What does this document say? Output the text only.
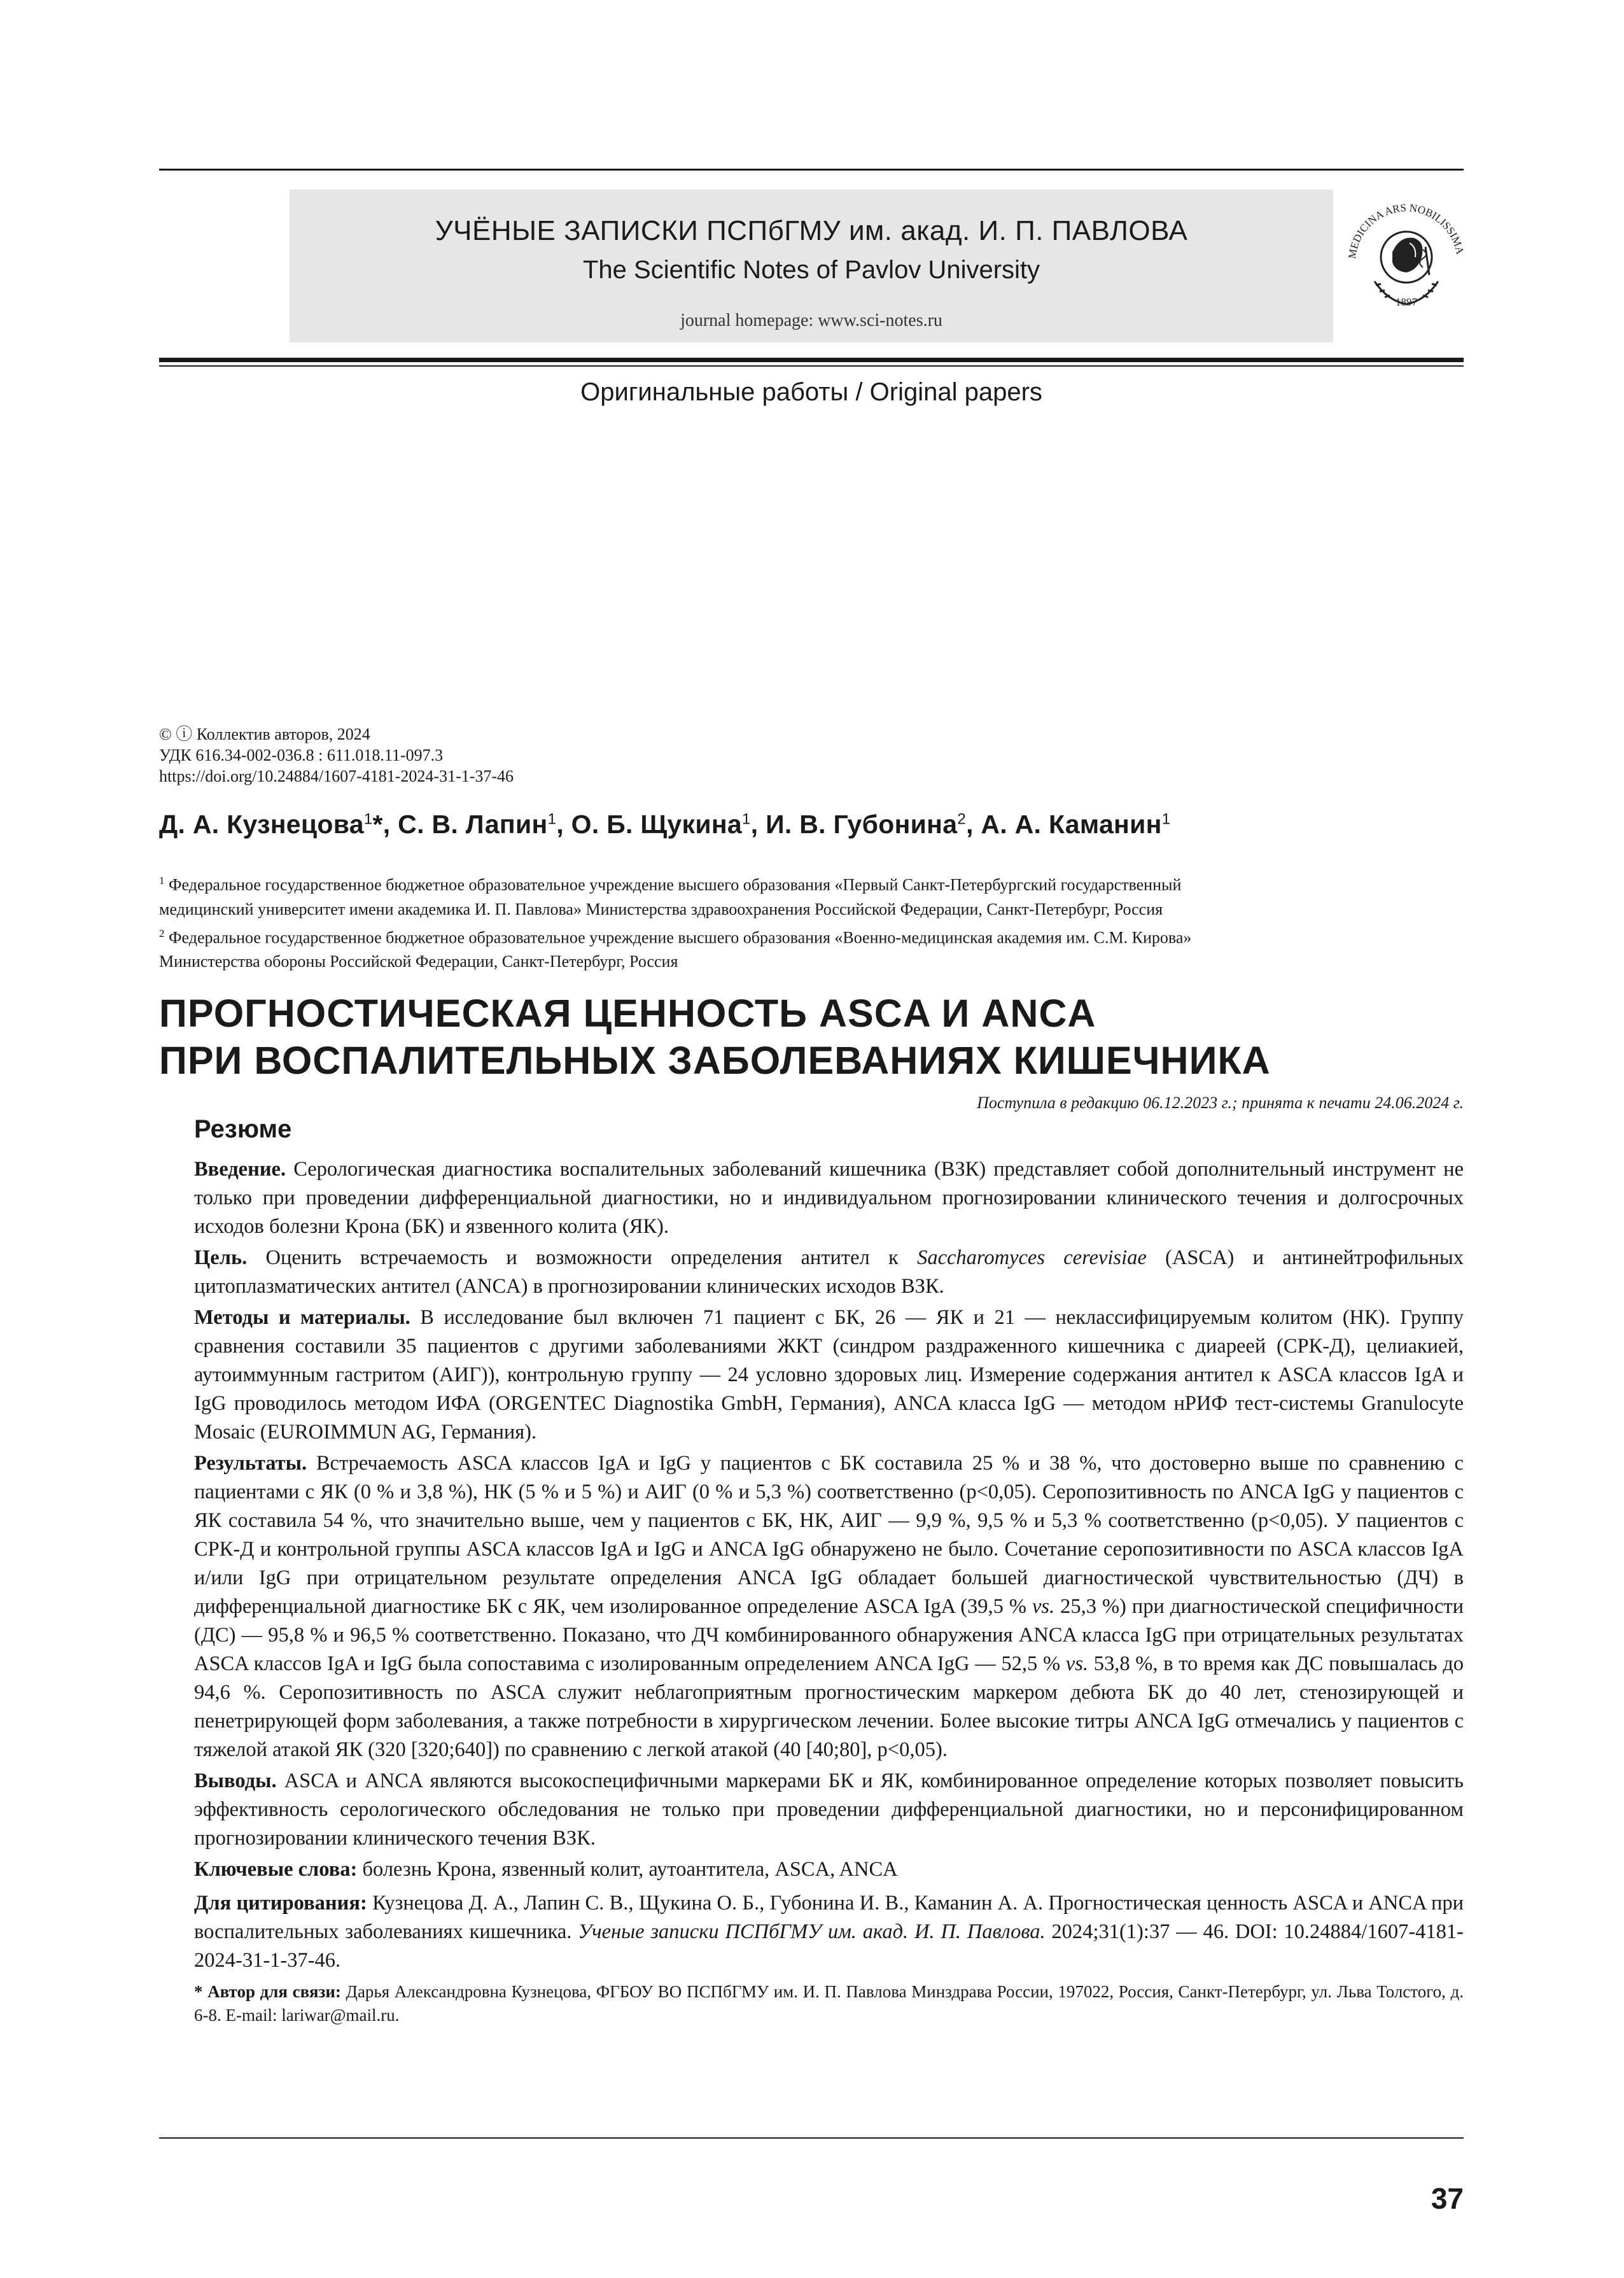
УЧЁНЫЕ ЗАПИСКИ ПСПбГМУ им. акад. И. П. ПАВЛОВА
The Scientific Notes of Pavlov University
journal homepage: www.sci-notes.ru
MEDICINA ARS NOBILISSIMA
1897
Оригинальные работы / Original papers
© ⓘ Коллектив авторов, 2024
УДК 616.34-002-036.8 : 611.018.11-097.3
https://doi.org/10.24884/1607-4181-2024-31-1-37-46
Д. А. Кузнецова$^1$*, С. В. Лапин$^1$, О. Б. Щукина$^1$, И. В. Губонина$^2$, А. А. Каманин$^1$
$^1$ Федеральное государственное бюджетное образовательное учреждение высшего образования «Первый Санкт-Петербургский государственный
медицинский университет имени академика И. П. Павлова» Министерства здравоохранения Российской Федерации, Санкт-Петербург, Россия
$^2$ Федеральное государственное бюджетное образовательное учреждение высшего образования «Военно-медицинская академия им. С.М. Кирова»
Министерства обороны Российской Федерации, Санкт-Петербург, Россия
ПРОГНОСТИЧЕСКАЯ ЦЕННОСТЬ ASCA И ANCA
ПРИ ВОСПАЛИТЕЛЬНЫХ ЗАБОЛЕВАНИЯХ КИШЕЧНИКА
Поступила в редакцию 06.12.2023 г.; принята к печати 24.06.2024 г.
Резюме

Введение. Серологическая диагностика воспалительных заболеваний кишечника (ВЗК) представляет собой дополнительный инструмент не только при проведении дифференциальной диагностики, но и индивидуальном прогнозировании клинического течения и долгосрочных исходов болезни Крона (БК) и язвенного колита (ЯК).

Цель. Оценить встречаемость и возможности определения антител к Saccharomyces cerevisiae (ASCA) и антинейтрофильных цитоплазматических антител (ANCA) в прогнозировании клинических исходов ВЗК.

Методы и материалы. В исследование был включен 71 пациент с БК, 26 — ЯК и 21 — неклассифицируемым колитом (НК). Группу сравнения составили 35 пациентов с другими заболеваниями ЖКТ (синдром раздраженного кишечника с диареей (СРК-Д), целиакией, аутоиммунным гастритом (АИГ)), контрольную группу — 24 условно здоровых лиц. Измерение содержания антител к ASCA классов IgA и IgG проводилось методом ИФА (ORGENTEC Diagnostika GmbH, Германия), ANCA класса IgG — методом нРИФ тест-системы Granulocyte Mosaic (EUROIMMUN AG, Германия).

Результаты. Встречаемость ASCA классов IgA и IgG у пациентов с БК составила 25 % и 38 %, что достоверно выше по сравнению с пациентами с ЯК (0 % и 3,8 %), НК (5 % и 5 %) и АИГ (0 % и 5,3 %) соответственно (p<0,05). Серопозитивность по ANCA IgG у пациентов с ЯК составила 54 %, что значительно выше, чем у пациентов с БК, НК, АИГ — 9,9 %, 9,5 % и 5,3 % соответственно (p<0,05). У пациентов с СРК-Д и контрольной группы ASCA классов IgA и IgG и ANCA IgG обнаружено не было. Сочетание серопозитивности по ASCA классов IgA и/или IgG при отрицательном результате определения ANCA IgG обладает большей диагностической чувствительностью (ДЧ) в дифференциальной диагностике БК с ЯК, чем изолированное определение ASCA IgA (39,5 % vs. 25,3 %) при диагностической специфичности (ДС) — 95,8 % и 96,5 % соответственно. Показано, что ДЧ комбинированного обнаружения ANCA класса IgG при отрицательных результатах ASCA классов IgA и IgG была сопоставима с изолированным определением ANCA IgG — 52,5 % vs. 53,8 %, в то время как ДС повышалась до 94,6 %. Серопозитивность по ASCA служит неблагоприятным прогностическим маркером дебюта БК до 40 лет, стенозирующей и пенетрирующей форм заболевания, а также потребности в хирургическом лечении. Более высокие титры ANCA IgG отмечались у пациентов с тяжелой атакой ЯК (320 [320;640]) по сравнению с легкой атакой (40 [40;80], p<0,05).

Выводы. ASCA и ANCA являются высокоспецифичными маркерами БК и ЯК, комбинированное определение которых позволяет повысить эффективность серологического обследования не только при проведении дифференциальной диагностики, но и персонифицированном прогнозировании клинического течения ВЗК.

Ключевые слова: болезнь Крона, язвенный колит, аутоантитела, ASCA, ANCA

Для цитирования: Кузнецова Д. А., Лапин С. В., Щукина О. Б., Губонина И. В., Каманин А. А. Прогностическая ценность ASCA и ANCA при воспалительных заболеваниях кишечника. Ученые записки ПСПбГМУ им. акад. И. П. Павлова. 2024;31(1):37 — 46. DOI: 10.24884/1607-4181-2024-31-1-37-46.

* Автор для связи: Дарья Александровна Кузнецова, ФГБОУ ВО ПСПбГМУ им. И. П. Павлова Минздрава России, 197022, Россия, Санкт-Петербург, ул. Льва Толстого, д. 6-8. E-mail: lariwar@mail.ru.

37
